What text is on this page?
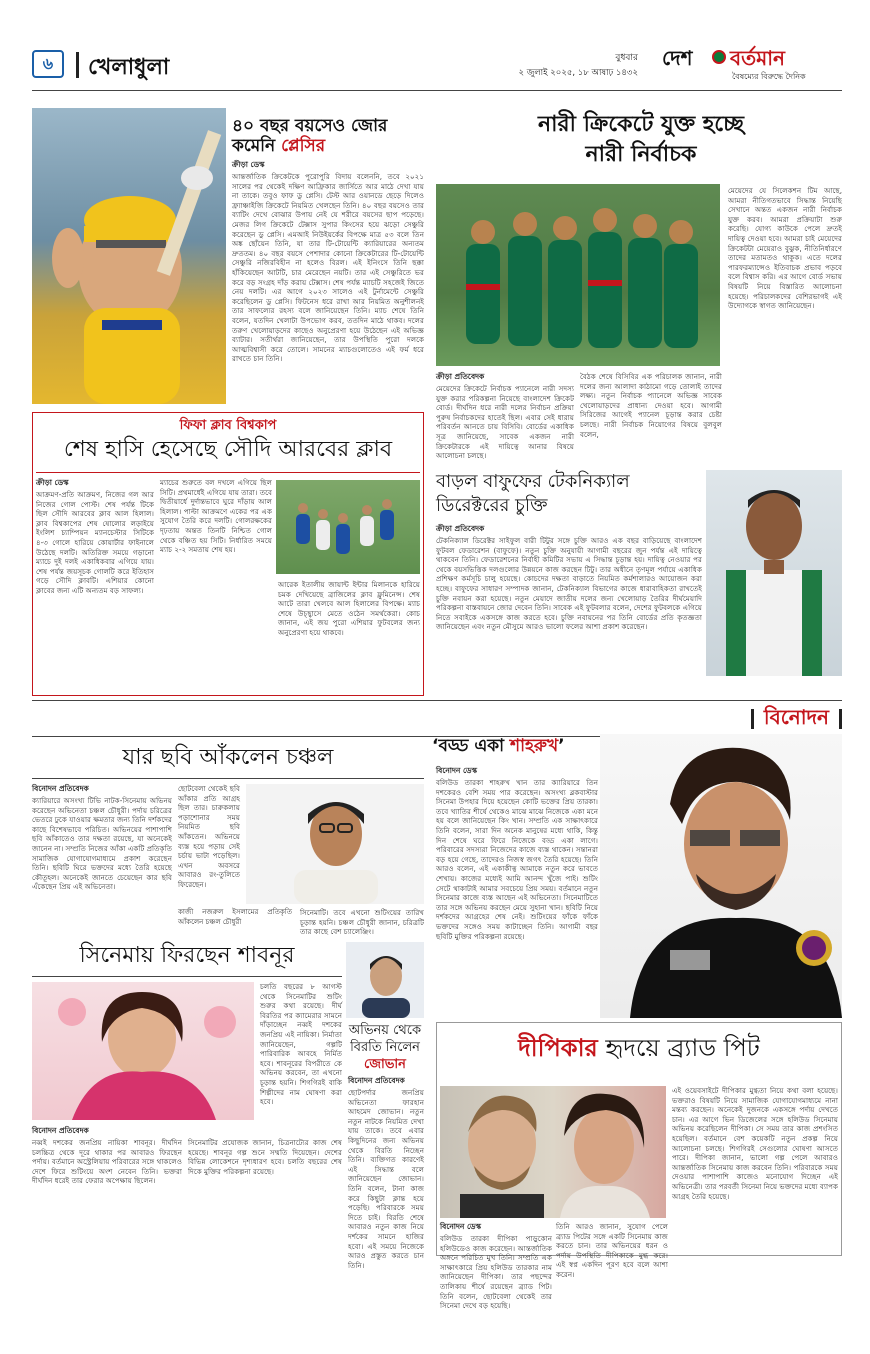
৬ খেলাধুলা	বুধবার
২ জুলাই ২০২৫, ১৮ আষাঢ় ১৪৩২
দেশ বর্তমান
বৈষম্যের বিরুদ্ধে দৈনিক
৪০ বছর বয়সেও জোর কমেনি প্লেসির
ক্রীড়া ডেস্ক
আন্তর্জাতিক ক্রিকেটকে পুরোপুরি বিদায় বলেননি, তবে ২০২১ সালের পর থেকেই দক্ষিণ আফ্রিকার জার্সিতে আর মাঠে দেখা যায় না তাকে। তবুও ফাফ ডু প্লেসি। টেস্ট আর ওয়ানডে ছেড়ে দিলেও ফ্র্যাঞ্চাইজি ক্রিকেটে নিয়মিত খেলছেন তিনি। ৪০ বছর বয়সেও তার ব্যাটিং দেখে বোঝার উপায় নেই যে শরীরে বয়সের ছাপ পড়েছে। মেজর লিগ ক্রিকেটে টেক্সাস সুপার কিংসের হয়ে ঝড়ো সেঞ্চুরি করেছেন ডু প্লেসি। এমআই নিউইয়র্কের বিপক্ষে মাত্র ৫৩ বলে তিন অঙ্ক ছোঁয়েন তিনি, যা তার টি-টোয়েন্টি ক্যারিয়ারের অন্যতম দ্রুততম। ৪০ বছর বয়সে পেশাদার কোনো ক্রিকেটারের টি-টোয়েন্টি সেঞ্চুরি নজিরবিহীন না হলেও বিরল। এই ইনিংসে তিনি ছক্কা হাঁকিয়েছেন আটটি, চার মেরেছেন নয়টি। তার এই সেঞ্চুরিতে ভর করে বড় সংগ্রহ দাঁড় করায় টেক্সাস। শেষ পর্যন্ত ম্যাচটি সহজেই জিতে নেয় দলটি। এর আগে ২০২৩ সালেও এই টুর্নামেন্টে সেঞ্চুরি করেছিলেন ডু প্লেসি। ফিটনেস ধরে রাখা আর নিয়মিত অনুশীলনই তার সাফল্যের রহস্য বলে জানিয়েছেন তিনি। ম্যাচ শেষে তিনি বলেন, যতদিন খেলাটা উপভোগ করব, ততদিন মাঠে থাকব। দলের তরুণ খেলোয়াড়দের কাছেও অনুপ্রেরণা হয়ে উঠেছেন এই অভিজ্ঞ ব্যাটার। সতীর্থরা জানিয়েছেন, তার উপস্থিতি পুরো দলকে আত্মবিশ্বাসী করে তোলে। সামনের ম্যাচগুলোতেও এই ফর্ম ধরে রাখতে চান তিনি।
নারী ক্রিকেটে যুক্ত হচ্ছে
নারী নির্বাচক
মেয়েদের যে সিলেকশন টিম আছে, আমরা নীতিগতভাবে সিদ্ধান্ত নিয়েছি সেখানে অন্তত একজন নারী নির্বাচক যুক্ত করব। আমরা প্রক্রিয়াটা শুরু করেছি। যোগ্য কাউকে পেলে দ্রুতই দায়িত্ব দেওয়া হবে। আমরা চাই মেয়েদের ক্রিকেটটা মেয়েরাও বুঝুক, নীতিনির্ধারণে তাদের মতামতও থাকুক। এতে দলের পারফরম্যান্সেও ইতিবাচক প্রভাব পড়বে বলে বিশ্বাস করি। এর আগে বোর্ড সভায় বিষয়টি নিয়ে বিস্তারিত আলোচনা হয়েছে। পরিচালকদের বেশিরভাগই এই উদ্যোগকে স্বাগত জানিয়েছেন।
ক্রীড়া প্রতিবেদক
মেয়েদের ক্রিকেটে নির্বাচক প্যানেলে নারী সদস্য যুক্ত করার পরিকল্পনা নিয়েছে বাংলাদেশ ক্রিকেট বোর্ড। দীর্ঘদিন ধরে নারী দলের নির্বাচন প্রক্রিয়া পুরুষ নির্বাচকদের হাতেই ছিল। এবার সেই ধারায় পরিবর্তন আনতে চায় বিসিবি। বোর্ডের একাধিক সূত্র জানিয়েছে, সাবেক একজন নারী ক্রিকেটারকে এই দায়িত্বে আনার বিষয়ে আলোচনা চলছে।
বৈঠক শেষে বিসিবির এক পরিচালক জানান, নারী দলের জন্য আলাদা কাঠামো গড়ে তোলাই তাদের লক্ষ্য। নতুন নির্বাচক প্যানেলে অভিজ্ঞ সাবেক খেলোয়াড়দের প্রাধান্য দেওয়া হবে। আগামী সিরিজের আগেই প্যানেল চূড়ান্ত করার চেষ্টা চলছে। নারী নির্বাচক নিয়োগের বিষয়ে বুলবুল বলেন,
ফিফা ক্লাব বিশ্বকাপ
শেষ হাসি হেসেছে সৌদি আরবের ক্লাব
ক্রীড়া ডেস্ক
আক্রমণ-প্রতি আক্রমণ, নিজের গল আর নিজের গোল পোস্ট। শেষ পর্যন্ত টিকে ছিল সৌদি আরবের ক্লাব আল হিলাল। ক্লাব বিশ্বকাপের শেষ ষোলোর লড়াইয়ে ইংলিশ চ্যাম্পিয়ন ম্যানচেস্টার সিটিকে ৪-৩ গোলে হারিয়ে কোয়ার্টার ফাইনালে উঠেছে দলটি। অতিরিক্ত সময়ে গড়ানো ম্যাচে দুই দলই একাধিকবার এগিয়ে যায়। শেষ পর্যন্ত জয়সূচক গোলটি করে ইতিহাস গড়ে সৌদি ক্লাবটি। এশিয়ার কোনো ক্লাবের জন্য এটি অন্যতম বড় সাফল্য।
ম্যাচের শুরুতে বল দখলে এগিয়ে ছিল সিটি। প্রথমার্ধেই এগিয়ে যায় তারা। তবে দ্বিতীয়ার্ধে দুর্দান্তভাবে ঘুরে দাঁড়ায় আল হিলাল। পাল্টা আক্রমণে একের পর এক সুযোগ তৈরি করে দলটি। গোলরক্ষকের দৃঢ়তায় অন্তত তিনটি নিশ্চিত গোল থেকে বঞ্চিত হয় সিটি। নির্ধারিত সময়ে ম্যাচ ২-২ সমতায় শেষ হয়।
আরেক ইতালীয় জায়ান্ট ইন্টার মিলানকে হারিয়ে চমক দেখিয়েছে ব্রাজিলের ক্লাব ফ্লুমিনেন্স। শেষ আটে তারা খেলবে আল হিলালের বিপক্ষে। ম্যাচ শেষে উচ্ছ্বাসে মেতে ওঠেন সমর্থকেরা। কোচ জানান, এই জয় পুরো এশিয়ার ফুটবলের জন্য অনুপ্রেরণা হয়ে থাকবে।
বাড়ল বাফুফের টেকনিক্যাল
ডিরেক্টরের চুক্তি
ক্রীড়া প্রতিবেদক
টেকনিক্যাল ডিরেক্টর সাইফুল বারী টিটুর সঙ্গে চুক্তি আরও এক বছর বাড়িয়েছে বাংলাদেশ ফুটবল ফেডারেশন (বাফুফে)। নতুন চুক্তি অনুযায়ী আগামী বছরের জুন পর্যন্ত এই দায়িত্বে থাকবেন তিনি। ফেডারেশনের নির্বাহী কমিটির সভায় এ সিদ্ধান্ত চূড়ান্ত হয়। দায়িত্ব নেওয়ার পর থেকে বয়সভিত্তিক দলগুলোর উন্নয়নে কাজ করছেন টিটু। তার অধীনে তৃণমূল পর্যায়ে একাধিক প্রশিক্ষণ কর্মসূচি চালু হয়েছে। কোচদের দক্ষতা বাড়াতে নিয়মিত কর্মশালারও আয়োজন করা হচ্ছে। বাফুফের সাধারণ সম্পাদক জানান, টেকনিক্যাল বিভাগের কাজে ধারাবাহিকতা রাখতেই চুক্তি নবায়ন করা হয়েছে। নতুন মেয়াদে জাতীয় দলের জন্য খেলোয়াড় তৈরির দীর্ঘমেয়াদি পরিকল্পনা বাস্তবায়নে জোর দেবেন তিনি। সাবেক এই ফুটবলার বলেন, দেশের ফুটবলকে এগিয়ে নিতে সবাইকে একসঙ্গে কাজ করতে হবে। চুক্তি নবায়নের পর তিনি বোর্ডের প্রতি কৃতজ্ঞতা জানিয়েছেন এবং নতুন মৌসুমে আরও ভালো ফলের আশা প্রকাশ করেছেন।
বিনোদন
যার ছবি আঁকলেন চঞ্চল
বিনোদন প্রতিবেদক
ক্যারিয়ারে অসংখ্য টিভি নাটক-সিনেমায় অভিনয় করেছেন অভিনেতা চঞ্চল চৌধুরী। পর্দায় চরিত্রের ভেতরে ঢুকে যাওয়ার ক্ষমতার জন্য তিনি দর্শকদের কাছে বিশেষভাবে পরিচিত। অভিনয়ের পাশাপাশি ছবি আঁকাতেও তার দক্ষতা রয়েছে, যা অনেকেই জানেন না। সম্প্রতি নিজের আঁকা একটি প্রতিকৃতি সামাজিক যোগাযোগমাধ্যমে প্রকাশ করেছেন তিনি। ছবিটি ঘিরে ভক্তদের মধ্যে তৈরি হয়েছে কৌতূহল। অনেকেই জানতে চেয়েছেন কার ছবি এঁকেছেন প্রিয় এই অভিনেতা।
ছোটবেলা থেকেই ছবি আঁকার প্রতি আগ্রহ ছিল তার। চারুকলায় পড়াশোনার সময় নিয়মিত ছবি আঁকতেন। অভিনয়ে ব্যস্ত হয়ে পড়ায় সেই চর্চায় ভাটা পড়েছিল। এখন অবসরে আবারও রং-তুলিতে ফিরেছেন।
কাজী নজরুল ইসলামের প্রতিকৃতি আঁকলেন চঞ্চল চৌধুরী
সিনেমাটি। তবে এখনো শুটিংয়ের তারিখ চূড়ান্ত হয়নি। চঞ্চল চৌধুরী জানান, চরিত্রটি তার কাছে বেশ চ্যালেঞ্জিং।
সিনেমায় ফিরছেন শাবনূর
চলতি বছরের ৮ আগস্ট থেকে সিনেমাটির শুটিং শুরুর কথা রয়েছে। দীর্ঘ বিরতির পর ক্যামেরার সামনে দাঁড়াচ্ছেন নব্বই দশকের জনপ্রিয় এই নায়িকা। নির্মাতা জানিয়েছেন, গল্পটি পারিবারিক আবহে নির্মিত হবে। শাবনূরের বিপরীতে কে অভিনয় করবেন, তা এখনো চূড়ান্ত হয়নি। শিগগিরই বাকি শিল্পীদের নাম ঘোষণা করা হবে।
বিনোদন প্রতিবেদক
নব্বই দশকের জনপ্রিয় নায়িকা শাবনূর। দীর্ঘদিন চলচ্চিত্র থেকে দূরে থাকার পর আবারও ফিরছেন পর্দায়। বর্তমানে অস্ট্রেলিয়ায় পরিবারের সঙ্গে থাকলেও দেশে ফিরে শুটিংয়ে অংশ নেবেন তিনি। ভক্তরা দীর্ঘদিন ধরেই তার ফেরার অপেক্ষায় ছিলেন।
সিনেমাটির প্রযোজক জানান, চিত্রনাট্যের কাজ শেষ হয়েছে। শাবনূর গল্প শুনে সম্মতি দিয়েছেন। দেশের বিভিন্ন লোকেশনে দৃশ্যধারণ হবে। চলতি বছরের শেষ দিকে মুক্তির পরিকল্পনা রয়েছে।
অভিনয় থেকে
বিরতি নিলেন
জোভান
বিনোদন প্রতিবেদক
ছোটপর্দার জনপ্রিয় অভিনেতা ফারহান আহমেদ জোভান। নতুন নতুন নাটকে নিয়মিত দেখা যায় তাকে। তবে এবার কিছুদিনের জন্য অভিনয় থেকে বিরতি নিচ্ছেন তিনি। ব্যক্তিগত কারণেই এই সিদ্ধান্ত বলে জানিয়েছেন জোভান। তিনি বলেন, টানা কাজ করে কিছুটা ক্লান্ত হয়ে পড়েছি। পরিবারকে সময় দিতে চাই। বিরতি শেষে আবারও নতুন কাজ নিয়ে দর্শকের সামনে হাজির হবো। এই সময়ে নিজেকে আরও প্রস্তুত করতে চান তিনি।
‘বড্ড একা শাহরুখ’
বিনোদন ডেস্ক
বলিউড তারকা শাহরুখ খান তার ক্যারিয়ারে তিন দশকেরও বেশি সময় পার করেছেন। অসংখ্য ব্লকবাস্টার সিনেমা উপহার দিয়ে হয়েছেন কোটি ভক্তের প্রিয় তারকা। তবে খ্যাতির শীর্ষে থেকেও মাঝে মাঝে নিজেকে একা মনে হয় বলে জানিয়েছেন কিং খান। সম্প্রতি এক সাক্ষাৎকারে তিনি বলেন, সারা দিন অনেক মানুষের মধ্যে থাকি, কিন্তু দিন শেষে ঘরে ফিরে নিজেকে বড্ড একা লাগে। পরিবারের সদস্যরা নিজেদের কাজে ব্যস্ত থাকেন। সন্তানরা বড় হয়ে গেছে, তাদেরও নিজস্ব জগৎ তৈরি হয়েছে। তিনি আরও বলেন, এই একাকীত্ব আমাকে নতুন করে ভাবতে শেখায়। কাজের মধ্যেই আমি আনন্দ খুঁজে পাই। শুটিং সেটে থাকাটাই আমার সবচেয়ে প্রিয় সময়। বর্তমানে নতুন সিনেমার কাজে ব্যস্ত আছেন এই অভিনেতা। সিনেমাটিতে তার সঙ্গে অভিনয় করছেন মেয়ে সুহানা খান। ছবিটি নিয়ে দর্শকদের আগ্রহের শেষ নেই। শুটিংয়ের ফাঁকে ফাঁকে ভক্তদের সঙ্গেও সময় কাটাচ্ছেন তিনি। আগামী বছর ছবিটি মুক্তির পরিকল্পনা রয়েছে।
দীপিকার হৃদয়ে ব্র্যাড পিট
এই ওয়েবসাইটে দীপিকার মুগ্ধতা নিয়ে কথা বলা হয়েছে। ভক্তরাও বিষয়টি নিয়ে সামাজিক যোগাযোগমাধ্যমে নানা মন্তব্য করছেন। অনেকেই দুজনকে একসঙ্গে পর্দায় দেখতে চান। এর আগে ভিন ডিজেলের সঙ্গে হলিউড সিনেমায় অভিনয় করেছিলেন দীপিকা। সে সময় তার কাজ প্রশংসিত হয়েছিল। বর্তমানে বেশ কয়েকটি নতুন প্রকল্প নিয়ে আলোচনা চলছে। শিগগিরই সেগুলোর ঘোষণা আসতে পারে। দীপিকা জানান, ভালো গল্প পেলে আবারও আন্তর্জাতিক সিনেমায় কাজ করবেন তিনি। পরিবারকে সময় দেওয়ার পাশাপাশি কাজেও মনোযোগ দিচ্ছেন এই অভিনেত্রী। তার পরবর্তী সিনেমা নিয়ে ভক্তদের মধ্যে ব্যাপক আগ্রহ তৈরি হয়েছে।
বিনোদন ডেস্ক
বলিউড তারকা দীপিকা পাড়ুকোন হলিউডেও কাজ করেছেন। আন্তর্জাতিক অঙ্গনে পরিচিত মুখ তিনি। সম্প্রতি এক সাক্ষাৎকারে প্রিয় হলিউড তারকার নাম জানিয়েছেন দীপিকা। তার পছন্দের তালিকায় শীর্ষে রয়েছেন ব্র্যাড পিট। তিনি বলেন, ছোটবেলা থেকেই তার সিনেমা দেখে বড় হয়েছি।
তিনি আরও জানান, সুযোগ পেলে ব্র্যাড পিটের সঙ্গে একটি সিনেমায় কাজ করতে চান। তার অভিনয়ের ধরন ও পর্দায় উপস্থিতি দীপিকাকে মুগ্ধ করে। এই স্বপ্ন একদিন পূরণ হবে বলে আশা করেন।
